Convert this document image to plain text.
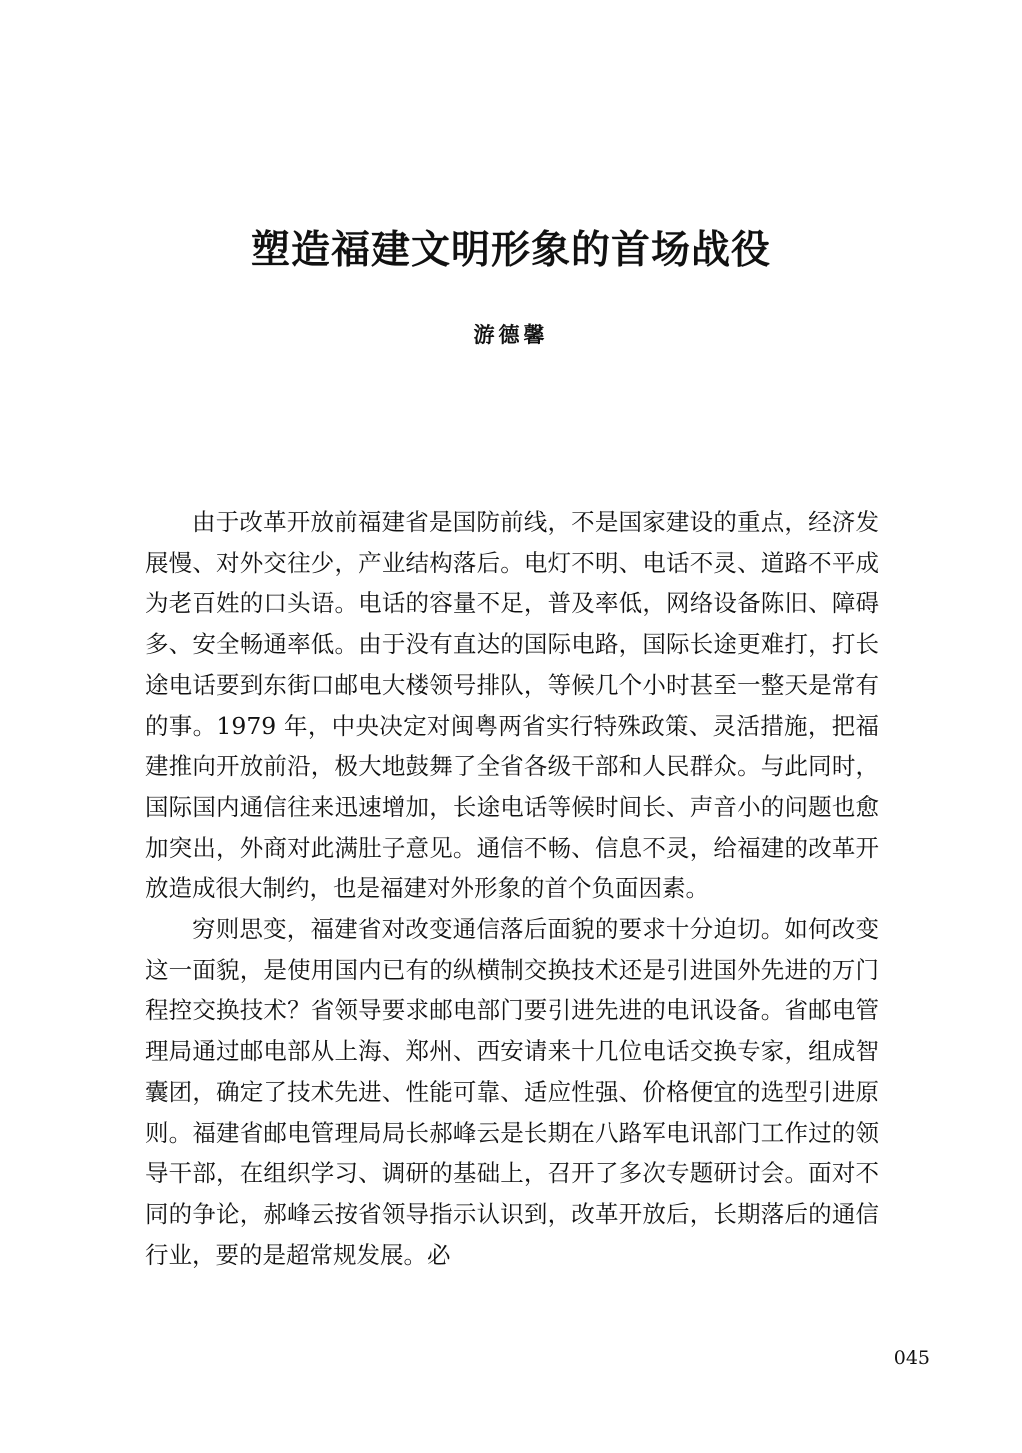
塑造福建文明形象的首场战役

游德馨

由于改革开放前福建省是国防前线，不是国家建设的重点，经济发展慢、对外交往少，产业结构落后。电灯不明、电话不灵、道路不平成为老百姓的口头语。电话的容量不足，普及率低，网络设备陈旧、障碍多、安全畅通率低。由于没有直达的国际电路，国际长途更难打，打长途电话要到东街口邮电大楼领号排队，等候几个小时甚至一整天是常有的事。1979 年，中央决定对闽粤两省实行特殊政策、灵活措施，把福建推向开放前沿，极大地鼓舞了全省各级干部和人民群众。与此同时，国际国内通信往来迅速增加，长途电话等候时间长、声音小的问题也愈加突出，外商对此满肚子意见。通信不畅、信息不灵，给福建的改革开放造成很大制约，也是福建对外形象的首个负面因素。

穷则思变，福建省对改变通信落后面貌的要求十分迫切。如何改变这一面貌，是使用国内已有的纵横制交换技术还是引进国外先进的万门程控交换技术？省领导要求邮电部门要引进先进的电讯设备。省邮电管理局通过邮电部从上海、郑州、西安请来十几位电话交换专家，组成智囊团，确定了技术先进、性能可靠、适应性强、价格便宜的选型引进原则。福建省邮电管理局局长郝峰云是长期在八路军电讯部门工作过的领导干部，在组织学习、调研的基础上，召开了多次专题研讨会。面对不同的争论，郝峰云按省领导指示认识到，改革开放后，长期落后的通信行业，要的是超常规发展。必

045
